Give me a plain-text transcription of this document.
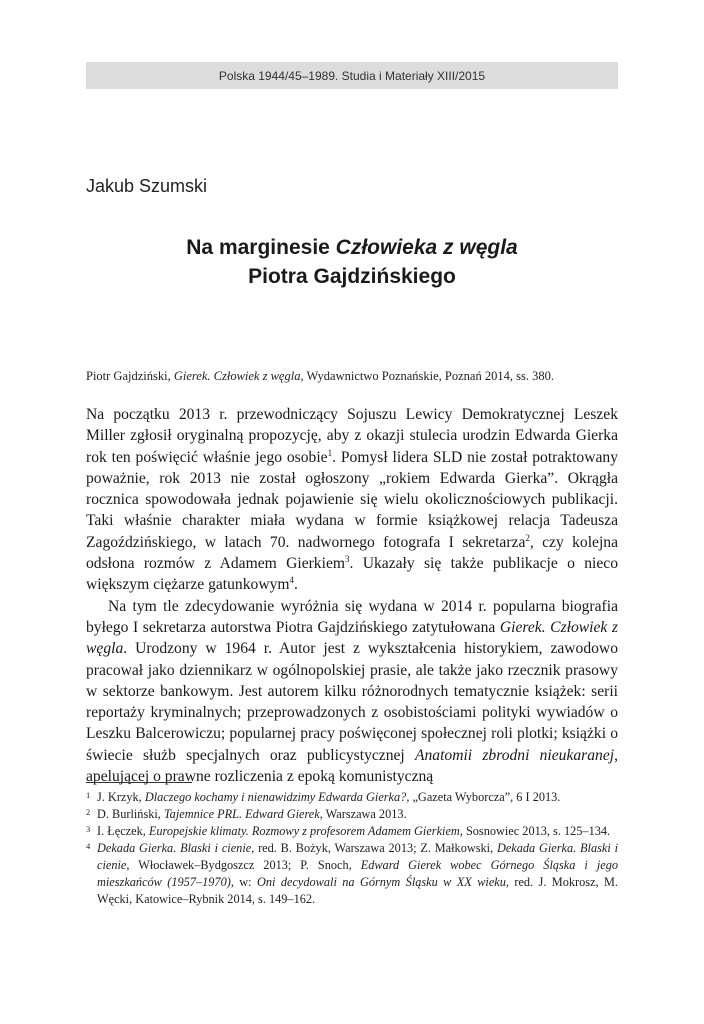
Polska 1944/45–1989. Studia i Materiały XIII/2015
Jakub Szumski
Na marginesie Człowieka z węgla
Piotra Gajdzińskiego
Piotr Gajdziński, Gierek. Człowiek z węgla, Wydawnictwo Poznańskie, Poznań 2014, ss. 380.

Na początku 2013 r. przewodniczący Sojuszu Lewicy Demokratycznej Leszek Miller zgłosił oryginalną propozycję, aby z okazji stulecia urodzin Edwarda Gierka rok ten poświęcić właśnie jego osobie$^1$. Pomysł lidera SLD nie został potraktowany poważnie, rok 2013 nie został ogłoszony „rokiem Edwarda Gierka”. Okrągła rocznica spowodowała jednak pojawienie się wielu okolicznościowych publikacji. Taki właśnie charakter miała wydana w formie książkowej relacja Tadeusza Zagoździńskiego, w latach 70. nadwornego fotografa I sekretarza$^2$, czy kolejna odsłona rozmów z Adamem Gierkiem$^3$. Ukazały się także publikacje o nieco większym ciężarze gatunkowym$^4$.

Na tym tle zdecydowanie wyróżnia się wydana w 2014 r. popularna biografia byłego I sekretarza autorstwa Piotra Gajdzińskiego zatytułowana Gierek. Człowiek z węgla. Urodzony w 1964 r. Autor jest z wykształcenia historykiem, zawodowo pracował jako dziennikarz w ogólnopolskiej prasie, ale także jako rzecznik prasowy w sektorze bankowym. Jest autorem kilku różnorodnych tematycznie książek: serii reportaży kryminalnych; przeprowadzonych z osobistościami polityki wywiadów o Leszku Balcerowiczu; popularnej pracy poświęconej społecznej roli plotki; książki o świecie służb specjalnych oraz publicystycznej Anatomii zbrodni nieukaranej, apelującej o prawne rozliczenia z epoką komunistyczną

1 J. Krzyk, Dlaczego kochamy i nienawidzimy Edwarda Gierka?, „Gazeta Wyborcza”, 6 I 2013.
2 D. Burliński, Tajemnice PRL. Edward Gierek, Warszawa 2013.
3 I. Łęczek, Europejskie klimaty. Rozmowy z profesorem Adamem Gierkiem, Sosnowiec 2013, s. 125–134.
4 Dekada Gierka. Blaski i cienie, red. B. Bożyk, Warszawa 2013; Z. Małkowski, Dekada Gierka. Blaski i cienie, Włocławek–Bydgoszcz 2013; P. Snoch, Edward Gierek wobec Górnego Śląska i jego mieszkańców (1957–1970), w: Oni decydowali na Górnym Śląsku w XX wieku, red. J. Mokrosz, M. Węcki, Katowice–Rybnik 2014, s. 149–162.
